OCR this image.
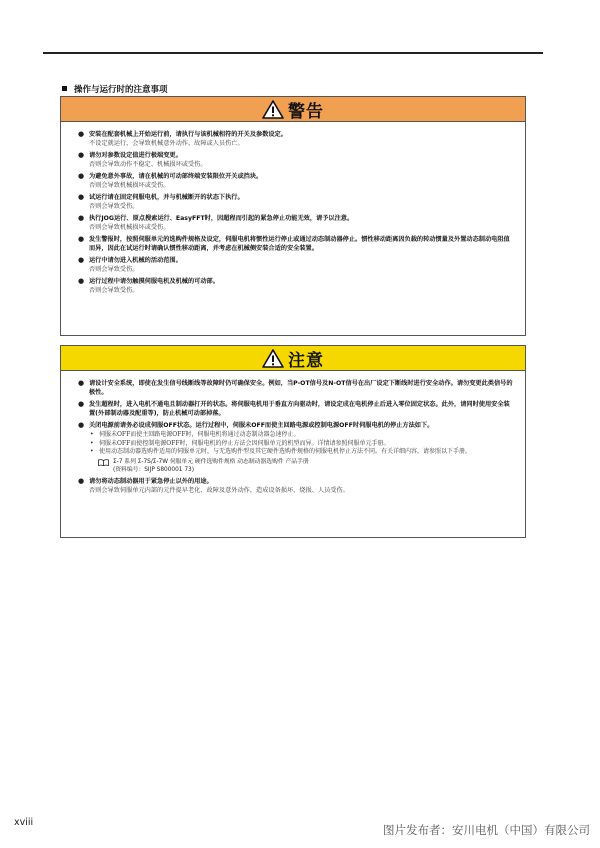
操作与运行时的注意事项
警告
● 安装在配套机械上开始运行前，请执行与该机械相符的开关及参数设定。
不设定就运行，会导致机械意外动作、故障或人员伤亡。
● 请勿对参数设定值进行极端变更。
否则会导致动作不稳定、机械损坏或受伤。
● 为避免意外事故，请在机械的可动部终端安装限位开关或挡块。
否则会导致机械损坏或受伤。
● 试运行请在固定伺服电机，并与机械断开的状态下执行。
否则会导致受伤。
● 执行JOG运行、原点搜索运行、EasyFFT时，因超程而引起的紧急停止功能无效，请予以注意。
否则会导致机械损坏或受伤。
● 发生警报时，按照伺服单元的选购件规格及设定，伺服电机将惯性运行停止或通过动态制动器停止。惯性移动距离因负载的转动惯量及外置动态制动电阻值而异，因此在试运行时请确认惯性移动距离，并考虑在机械侧安装合适的安全装置。
● 运行中请勿进入机械的活动范围。
否则会导致受伤。
● 运行过程中请勿触摸伺服电机及机械的可动部。
否则会导致受伤。
注意
● 请设计安全系统，即使在发生信号线断线等故障时仍可确保安全。例如，当P-OT信号及N-OT信号在出厂设定下断线时进行安全动作。请勿变更此类信号的极性。
● 发生超程时，进入电机不通电且制动器打开的状态。将伺服电机用于垂直方向驱动时，请设定成在电机停止后进入零位固定状态。此外，请同时使用安全装置(外部制动器及配重等)，防止机械可动部掉落。
● 关闭电源前请务必设成伺服OFF状态。运行过程中，伺服未OFF而使主回路电源或控制电源OFF时伺服电机的停止方法如下。
• 伺服未OFF而使主回路电源OFF时，伺服电机将通过动态制动器急速停止。
• 伺服未OFF而使控制电源OFF时，伺服电机的停止方法会因伺服单元的机型而异。详情请参照伺服单元手册。
• 使用动态制动器选购件适用的伺服单元时，与无选购件型及其它硬件选购件规格的伺服电机停止方法不同。有关详细内容，请参照以下手册。
Σ-7 系列 Σ-7S/Σ-7W 伺服单元 硬件选购件规格 动态制动器选购件 产品手册
(资料编号：SIJP S800001 73)
● 请勿将动态制动器用于紧急停止以外的用途。
否则会导致伺服单元内部的元件提早老化、故障及意外动作，造成设备损坏、烧损、人员受伤。
xviii
图片发布者：安川电机（中国）有限公司
